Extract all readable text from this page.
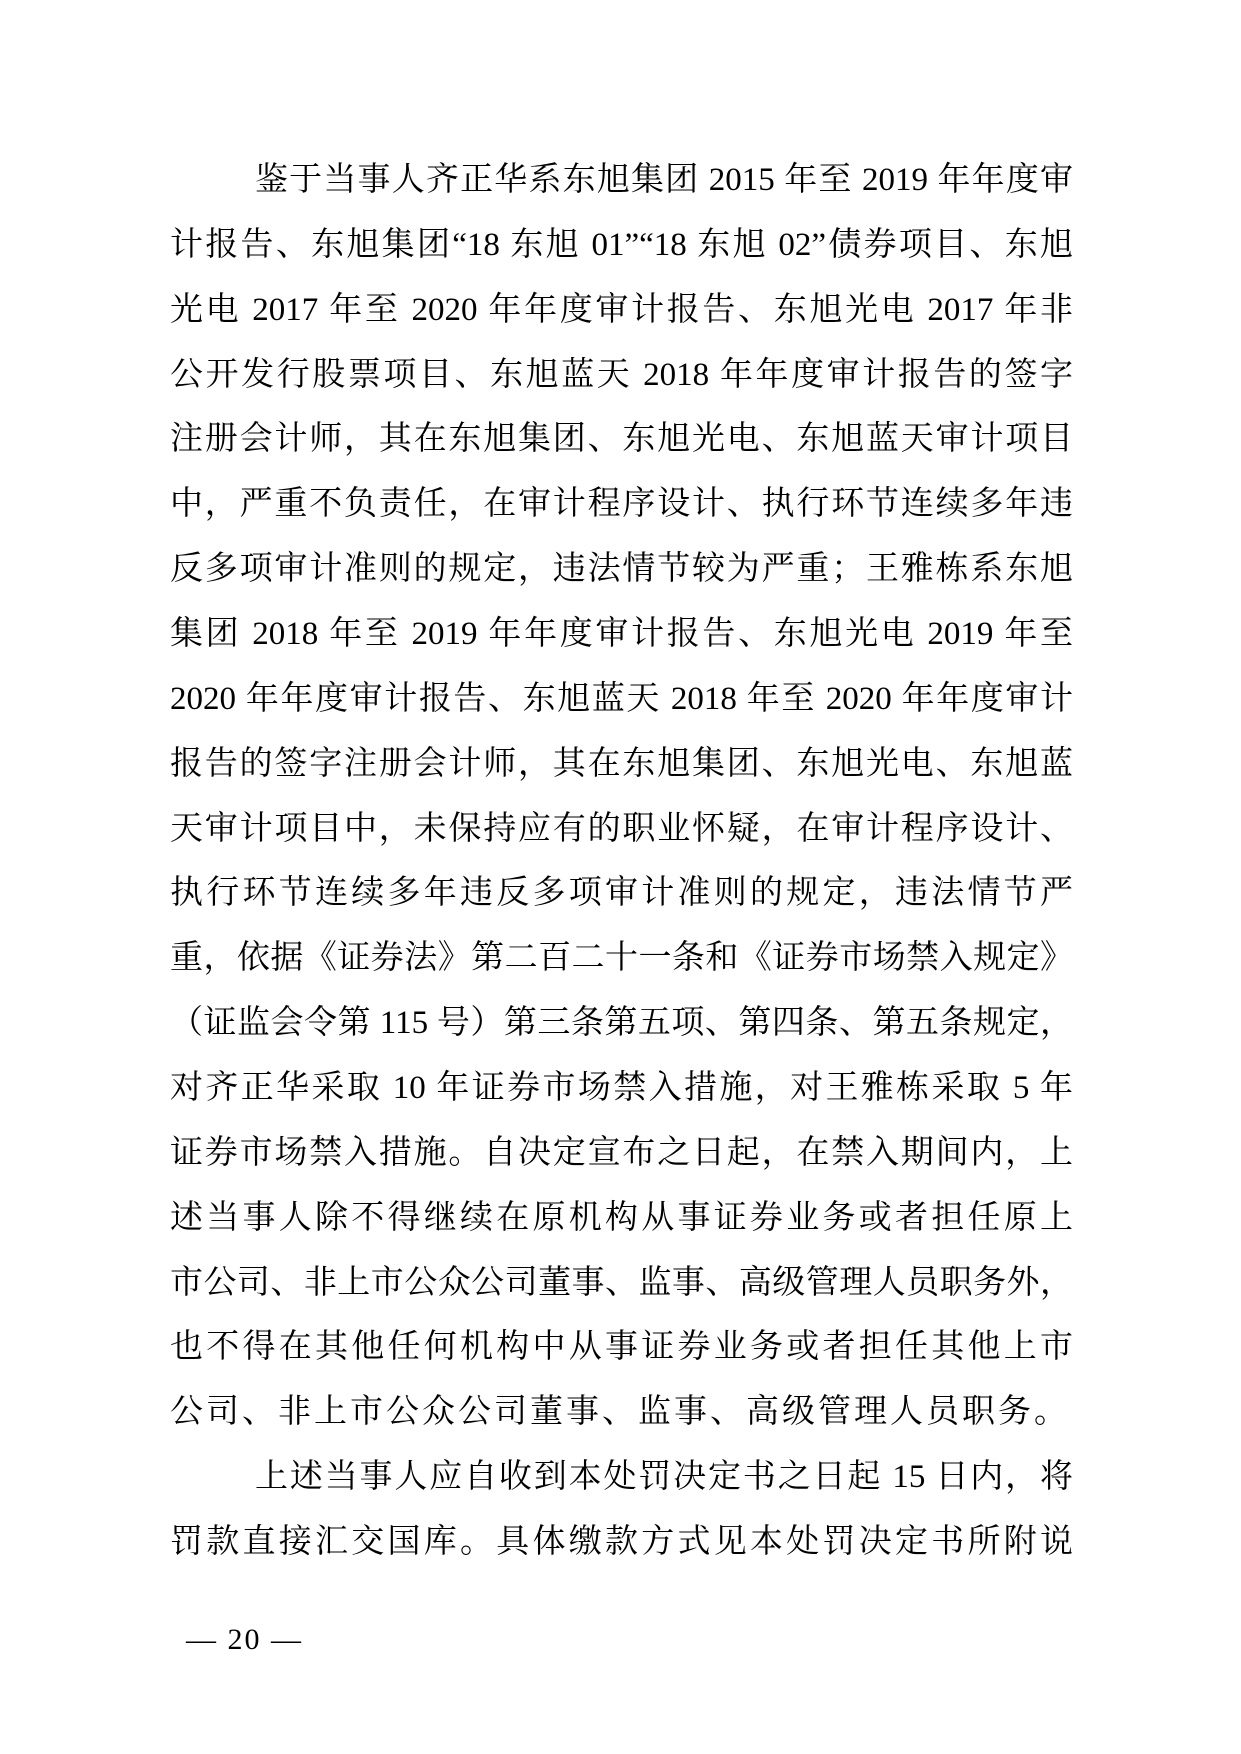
鉴于当事人齐正华系东旭集团 2015 年至 2019 年年度审
计报告、东旭集团“18 东旭 01”“18 东旭 02”债券项目、东旭
光电 2017 年至 2020 年年度审计报告、东旭光电 2017 年非
公开发行股票项目、东旭蓝天 2018 年年度审计报告的签字
注册会计师，其在东旭集团、东旭光电、东旭蓝天审计项目
中，严重不负责任，在审计程序设计、执行环节连续多年违
反多项审计准则的规定，违法情节较为严重；王雅栋系东旭
集团 2018 年至 2019 年年度审计报告、东旭光电 2019 年至
2020 年年度审计报告、东旭蓝天 2018 年至 2020 年年度审计
报告的签字注册会计师，其在东旭集团、东旭光电、东旭蓝
天审计项目中，未保持应有的职业怀疑，在审计程序设计、
执行环节连续多年违反多项审计准则的规定，违法情节严
重，依据《证券法》第二百二十一条和《证券市场禁入规定》
（证监会令第 115 号）第三条第五项、第四条、第五条规定，
对齐正华采取 10 年证券市场禁入措施，对王雅栋采取 5 年
证券市场禁入措施。自决定宣布之日起，在禁入期间内，上
述当事人除不得继续在原机构从事证券业务或者担任原上
市公司、非上市公众公司董事、监事、高级管理人员职务外，
也不得在其他任何机构中从事证券业务或者担任其他上市
公司、非上市公众公司董事、监事、高级管理人员职务。
上述当事人应自收到本处罚决定书之日起 15 日内，将
罚款直接汇交国库。具体缴款方式见本处罚决定书所附说
— 20 —
